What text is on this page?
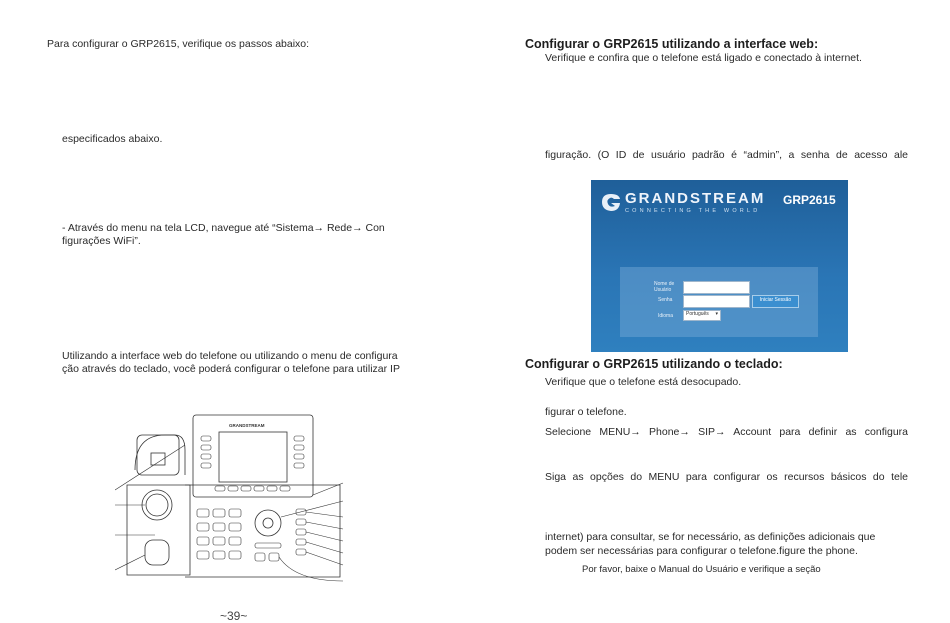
Para configurar o GRP2615, verifique os passos abaixo:
especificados abaixo.
- Através do menu na tela LCD, navegue até “Sistema→ Rede→ Con
figurações WiFi”.
Utilizando a interface web do telefone ou utilizando o menu de configura
ção através do teclado, você poderá configurar o telefone para utilizar IP
GRANDSTREAM
~39~
Configurar o GRP2615 utilizando a interface web:
Verifique e confira que o telefone está ligado e conectado à internet.
figuração. (O ID de usuário padrão é “admin”, a senha de acesso ale
GRANDSTREAM
CONNECTING THE WORLD
GRP2615
Nome de
Usuário
Senha	Iniciar Sessão
Idioma	Português ▾
Configurar o GRP2615 utilizando o teclado:
Verifique que o telefone está desocupado.
figurar o telefone.
Selecione MENU→ Phone→ SIP→ Account para definir as configura
Siga as opções do MENU para configurar os recursos básicos do tele
internet) para consultar, se for necessário, as definições adicionais que
podem ser necessárias para configurar o telefone.figure the phone.
Por favor, baixe o Manual do Usuário e verifique a seção
